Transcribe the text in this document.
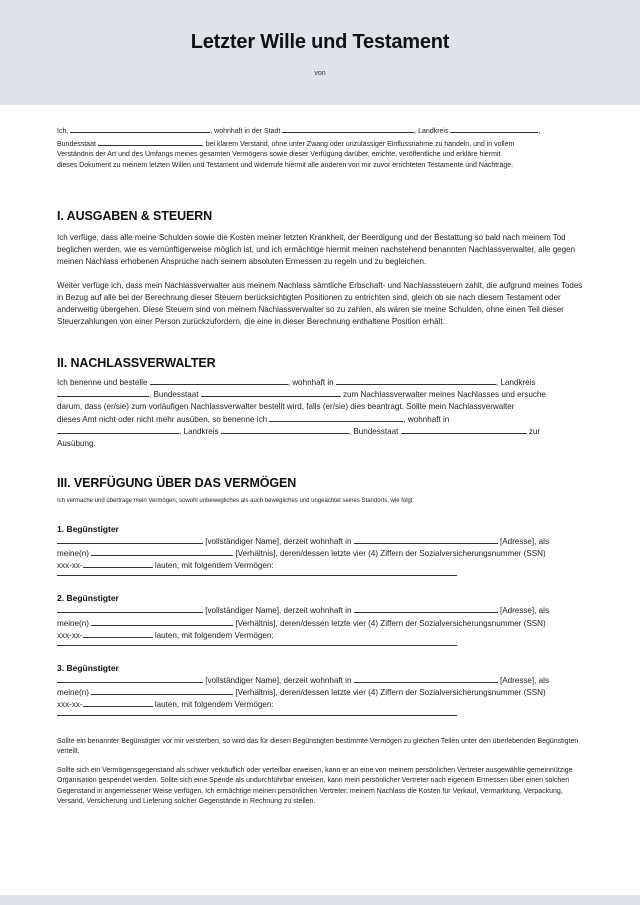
Letzter Wille und Testament
von
Ich,	, wohnhaft in der Stadt	, Landkreis	,
Bundesstaat	, bei klarem Verstand, ohne unter Zwang oder unzulässiger Einflussnahme zu handeln, und in vollem
Verständnis der Art und des Umfangs meines gesamten Vermögens sowie dieser Verfügung darüber, errichte, veröffentliche und erkläre hiermit
dieses Dokument zu meinem letzten Willen und Testament und widerrufe hiermit alle anderen von mir zuvor errichteten Testamente und Nachträge.
I. AUSGABEN & STEUERN
Ich verfüge, dass alle meine Schulden sowie die Kosten meiner letzten Krankheit, der Beerdigung und der Bestattung so bald nach meinem Tod beglichen werden, wie es vernünftigerweise möglich ist, und ich ermächtige hiermit meinen nachstehend benannten Nachlassverwalter, alle gegen meinen Nachlass erhobenen Ansprüche nach seinem absoluten Ermessen zu regeln und zu begleichen.
Weiter verfüge ich, dass mein Nachlassverwalter aus meinem Nachlass sämtliche Erbschaft- und Nachlasssteuern zahlt, die aufgrund meines Todes in Bezug auf alle bei der Berechnung dieser Steuern berücksichtigten Positionen zu entrichten sind, gleich ob sie nach diesem Testament oder anderweitig übergehen. Diese Steuern sind von meinem Nachlassverwalter so zu zahlen, als wären sie meine Schulden, ohne einen Teil dieser Steuerzahlungen von einer Person zurückzufordern, die eine in dieser Berechnung enthaltene Position erhält.
II. NACHLASSVERWALTER
Ich benenne und bestelle	, wohnhaft in	, Landkreis
, Bundesstaat	zum Nachlassverwalter meines Nachlasses und ersuche
darum, dass (er/sie) zum vorläufigen Nachlassverwalter bestellt wird, falls (er/sie) dies beantragt. Sollte mein Nachlassverwalter
dieses Amt nicht oder nicht mehr ausüben, so benenne ich	, wohnhaft in
, Landkreis	, Bundesstaat	zur
Ausübung.
III. VERFÜGUNG ÜBER DAS VERMÖGEN
Ich vermache und übertrage mein Vermögen, sowohl unbewegliches als auch bewegliches und ungeachtet seines Standorts, wie folgt:
1. Begünstigter
[vollständiger Name], derzeit wohnhaft in	[Adresse], als
meine(n)	[Verhältnis], deren/dessen letzte vier (4) Ziffern der Sozialversicherungsnummer (SSN)
xxx-xx-	lauten, mit folgendem Vermögen:
2. Begünstigter
[vollständiger Name], derzeit wohnhaft in	[Adresse], als
meine(n)	[Verhältnis], deren/dessen letzte vier (4) Ziffern der Sozialversicherungsnummer (SSN)
xxx-xx-	lauten, mit folgendem Vermögen:
3. Begünstigter
[vollständiger Name], derzeit wohnhaft in	[Adresse], als
meine(n)	[Verhältnis], deren/dessen letzte vier (4) Ziffern der Sozialversicherungsnummer (SSN)
xxx-xx-	lauten, mit folgendem Vermögen:
Sollte ein benannter Begünstigter vor mir versterben, so wird das für diesen Begünstigten bestimmte Vermögen zu gleichen Teilen unter den überlebenden Begünstigten verteilt.
Sollte sich ein Vermögensgegenstand als schwer verkäuflich oder verteilbar erweisen, kann er an eine von meinem persönlichen Vertreter ausgewählte gemeinnützige Organisation gespendet werden. Sollte sich eine Spende als undurchführbar erweisen, kann mein persönlicher Vertreter nach eigenem Ermessen über einen solchen Gegenstand in angemessener Weise verfügen. Ich ermächtige meinen persönlichen Vertreter, meinem Nachlass die Kosten für Verkauf, Vermarktung, Verpackung, Versand, Versicherung und Lieferung solcher Gegenstände in Rechnung zu stellen.
